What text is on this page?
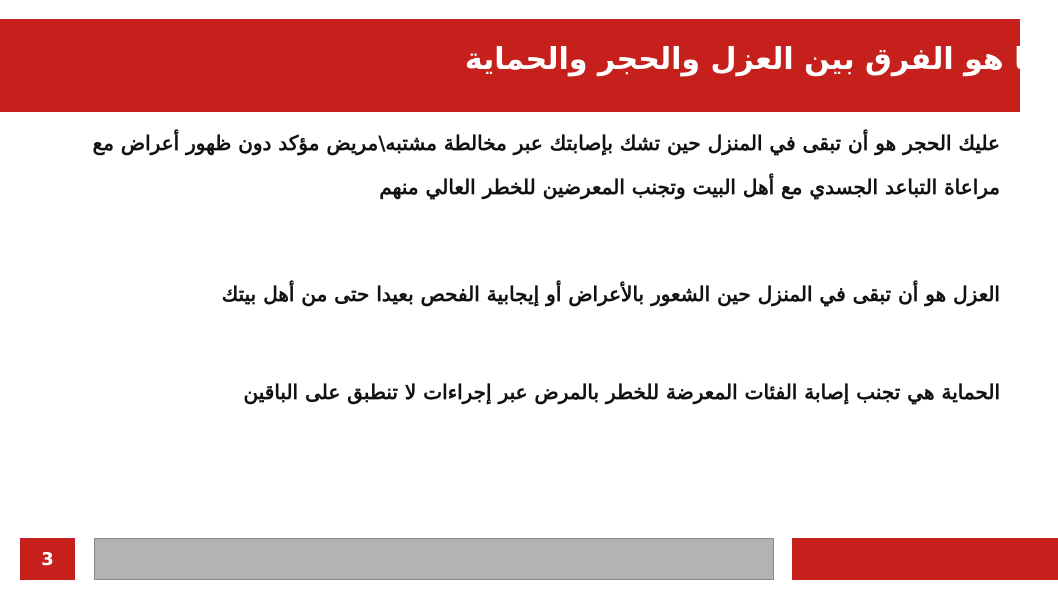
ما هو الفرق بين العزل والحجر والحماية

عليك الحجر هو أن تبقى في المنزل حين تشك بإصابتك عبر مخالطة مشتبه\مريض مؤكد دون ظهور أعراض مع مراعاة التباعد الجسدي مع أهل البيت وتجنب المعرضين للخطر العالي منهم

العزل هو أن تبقى في المنزل حين الشعور بالأعراض أو إيجابية الفحص بعيدا حتى من أهل بيتك

الحماية هي تجنب إصابة الفئات المعرضة للخطر بالمرض عبر إجراءات لا تنطبق على الباقين

3
